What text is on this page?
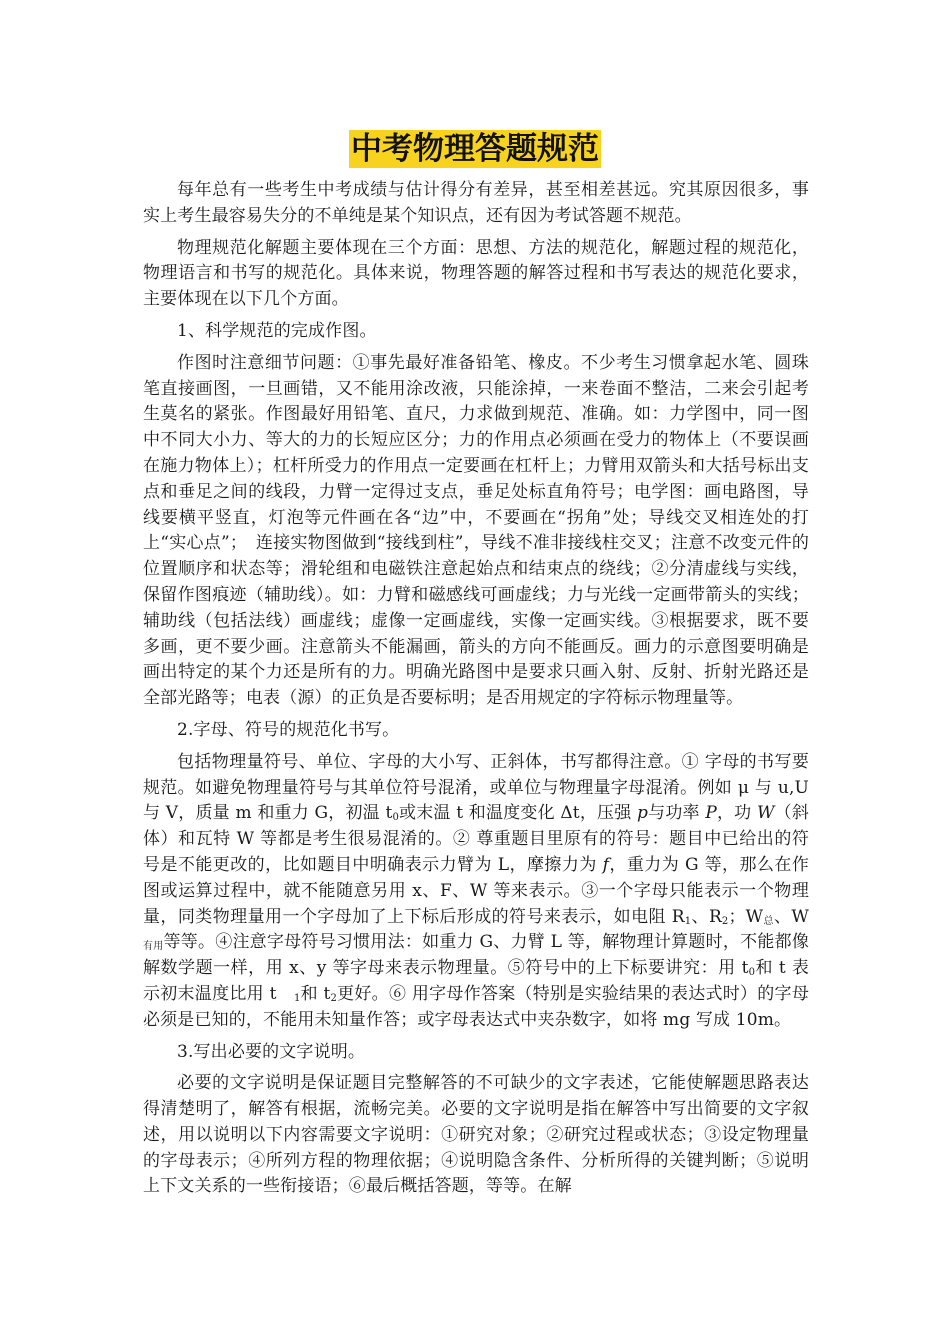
中考物理答题规范

每年总有一些考生中考成绩与估计得分有差异，甚至相差甚远。究其原因很多，事实上考生最容易失分的不单纯是某个知识点，还有因为考试答题不规范。

物理规范化解题主要体现在三个方面：思想、方法的规范化，解题过程的规范化，物理语言和书写的规范化。具体来说，物理答题的解答过程和书写表达的规范化要求，主要体现在以下几个方面。

1、科学规范的完成作图。

作图时注意细节问题：①事先最好准备铅笔、橡皮。不少考生习惯拿起水笔、圆珠笔直接画图，一旦画错，又不能用涂改液，只能涂掉，一来卷面不整洁，二来会引起考生莫名的紧张。作图最好用铅笔、直尺，力求做到规范、准确。如：力学图中，同一图中不同大小力、等大的力的长短应区分；力的作用点必须画在受力的物体上（不要误画在施力物体上）；杠杆所受力的作用点一定要画在杠杆上；力臂用双箭头和大括号标出支点和垂足之间的线段，力臂一定得过支点，垂足处标直角符号；电学图：画电路图，导线要横平竖直，灯泡等元件画在各“边”中，不要画在“拐角”处；导线交叉相连处的打上“实心点”；　连接实物图做到“接线到柱”，导线不准非接线柱交叉；注意不改变元件的位置顺序和状态等；滑轮组和电磁铁注意起始点和结束点的绕线；②分清虚线与实线，保留作图痕迹（辅助线）。如：力臂和磁感线可画虚线；力与光线一定画带箭头的实线；辅助线（包括法线）画虚线；虚像一定画虚线，实像一定画实线。③根据要求，既不要多画，更不要少画。注意箭头不能漏画，箭头的方向不能画反。画力的示意图要明确是画出特定的某个力还是所有的力。明确光路图中是要求只画入射、反射、折射光路还是全部光路等；电表（源）的正负是否要标明；是否用规定的字符标示物理量等。

2.字母、符号的规范化书写。

包括物理量符号、单位、字母的大小写、正斜体，书写都得注意。① 字母的书写要规范。如避免物理量符号与其单位符号混淆，或单位与物理量字母混淆。例如 μ 与 u,U 与 V，质量 m 和重力 G，初温 $t_0$或末温 t 和温度变化 Δt，压强 p与功率 P，功 W（斜体）和瓦特 W 等都是考生很易混淆的。② 尊重题目里原有的符号：题目中已给出的符号是不能更改的，比如题目中明确表示力臂为 L，摩擦力为 f，重力为 G 等，那么在作图或运算过程中，就不能随意另用 x、F、W 等来表示。③一个字母只能表示一个物理量，同类物理量用一个字母加了上下标后形成的符号来表示，如电阻 $R_1$、$R_2$；$W_总$、$W_{有用}$等等。④注意字母符号习惯用法：如重力 G、力臂 L 等，解物理计算题时，不能都像解数学题一样，用 x、y 等字母来表示物理量。⑤符号中的上下标要讲究：用 $t_0$和 t 表示初末温度比用 t　$_1$和 $t_2$更好。⑥ 用字母作答案（特别是实验结果的表达式时）的字母必须是已知的，不能用未知量作答；或字母表达式中夹杂数字，如将 mg 写成 10m。

3.写出必要的文字说明。

必要的文字说明是保证题目完整解答的不可缺少的文字表述，它能使解题思路表达得清楚明了，解答有根据，流畅完美。必要的文字说明是指在解答中写出简要的文字叙述，用以说明以下内容需要文字说明：①研究对象；②研究过程或状态；③设定物理量的字母表示；④所列方程的物理依据；④说明隐含条件、分析所得的关键判断；⑤说明上下文关系的一些衔接语；⑥最后概括答题，等等。在解
